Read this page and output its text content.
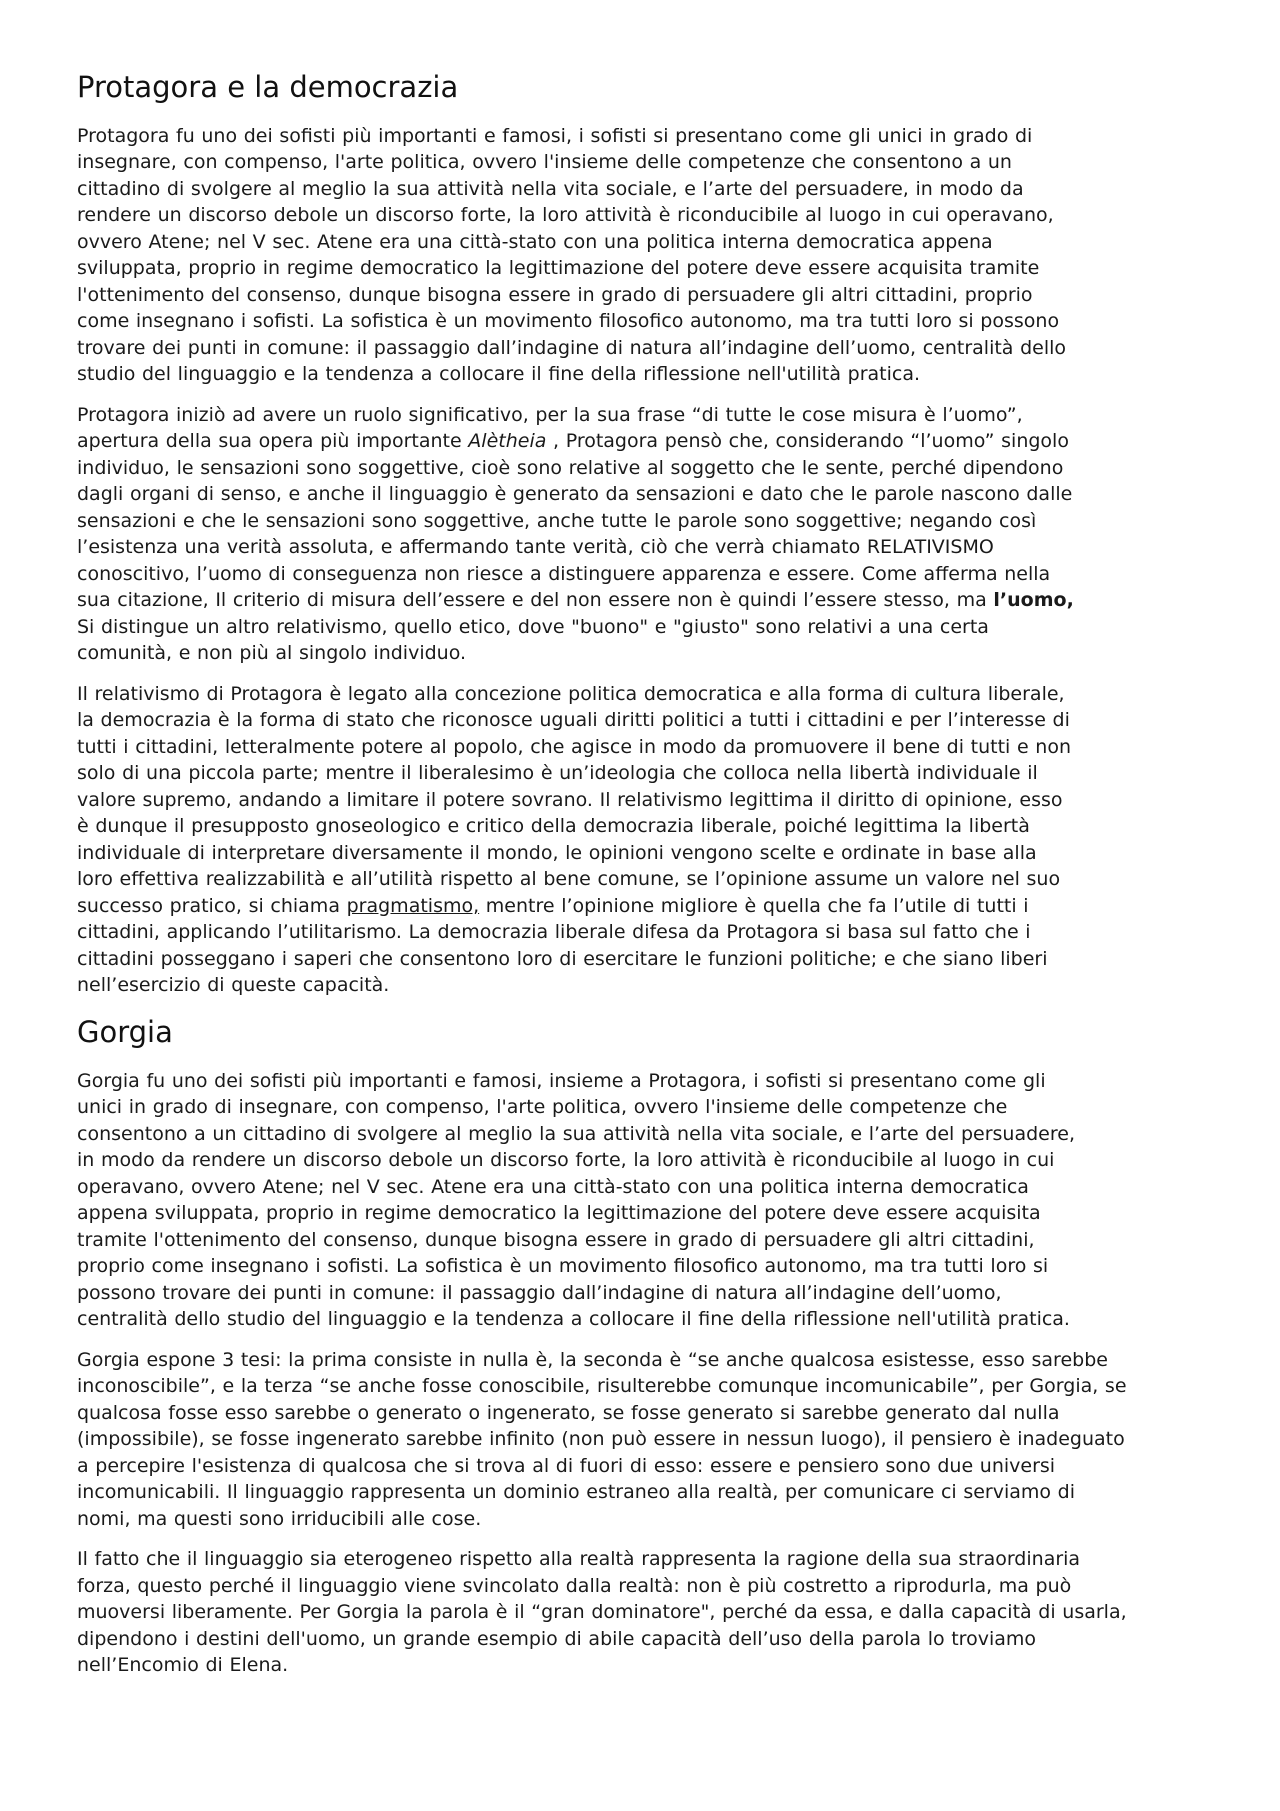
Protagora e la democrazia

Protagora fu uno dei sofisti più importanti e famosi, i sofisti si presentano come gli unici in grado di
insegnare, con compenso, l'arte politica, ovvero l'insieme delle competenze che consentono a un
cittadino di svolgere al meglio la sua attività nella vita sociale, e l’arte del persuadere, in modo da
rendere un discorso debole un discorso forte, la loro attività è riconducibile al luogo in cui operavano,
ovvero Atene; nel V sec. Atene era una città-stato con una politica interna democratica appena
sviluppata, proprio in regime democratico la legittimazione del potere deve essere acquisita tramite
l'ottenimento del consenso, dunque bisogna essere in grado di persuadere gli altri cittadini, proprio
come insegnano i sofisti. La sofistica è un movimento filosofico autonomo, ma tra tutti loro si possono
trovare dei punti in comune: il passaggio dall’indagine di natura all’indagine dell’uomo, centralità dello
studio del linguaggio e la tendenza a collocare il fine della riflessione nell'utilità pratica.

Protagora iniziò ad avere un ruolo significativo, per la sua frase “di tutte le cose misura è l’uomo”,
apertura della sua opera più importante Alètheia , Protagora pensò che, considerando “l’uomo” singolo
individuo, le sensazioni sono soggettive, cioè sono relative al soggetto che le sente, perché dipendono
dagli organi di senso, e anche il linguaggio è generato da sensazioni e dato che le parole nascono dalle
sensazioni e che le sensazioni sono soggettive, anche tutte le parole sono soggettive; negando così
l’esistenza una verità assoluta, e affermando tante verità, ciò che verrà chiamato RELATIVISMO
conoscitivo, l’uomo di conseguenza non riesce a distinguere apparenza e essere. Come afferma nella
sua citazione, Il criterio di misura dell’essere e del non essere non è quindi l’essere stesso, ma l’uomo,
Si distingue un altro relativismo, quello etico, dove "buono" e "giusto" sono relativi a una certa
comunità, e non più al singolo individuo.

Il relativismo di Protagora è legato alla concezione politica democratica e alla forma di cultura liberale,
la democrazia è la forma di stato che riconosce uguali diritti politici a tutti i cittadini e per l’interesse di
tutti i cittadini, letteralmente potere al popolo, che agisce in modo da promuovere il bene di tutti e non
solo di una piccola parte; mentre il liberalesimo è un’ideologia che colloca nella libertà individuale il
valore supremo, andando a limitare il potere sovrano. Il relativismo legittima il diritto di opinione, esso
è dunque il presupposto gnoseologico e critico della democrazia liberale, poiché legittima la libertà
individuale di interpretare diversamente il mondo, le opinioni vengono scelte e ordinate in base alla
loro effettiva realizzabilità e all’utilità rispetto al bene comune, se l’opinione assume un valore nel suo
successo pratico, si chiama pragmatismo, mentre l’opinione migliore è quella che fa l’utile di tutti i
cittadini, applicando l’utilitarismo. La democrazia liberale difesa da Protagora si basa sul fatto che i
cittadini posseggano i saperi che consentono loro di esercitare le funzioni politiche; e che siano liberi
nell’esercizio di queste capacità.

Gorgia

Gorgia fu uno dei sofisti più importanti e famosi, insieme a Protagora, i sofisti si presentano come gli
unici in grado di insegnare, con compenso, l'arte politica, ovvero l'insieme delle competenze che
consentono a un cittadino di svolgere al meglio la sua attività nella vita sociale, e l’arte del persuadere,
in modo da rendere un discorso debole un discorso forte, la loro attività è riconducibile al luogo in cui
operavano, ovvero Atene; nel V sec. Atene era una città-stato con una politica interna democratica
appena sviluppata, proprio in regime democratico la legittimazione del potere deve essere acquisita
tramite l'ottenimento del consenso, dunque bisogna essere in grado di persuadere gli altri cittadini,
proprio come insegnano i sofisti. La sofistica è un movimento filosofico autonomo, ma tra tutti loro si
possono trovare dei punti in comune: il passaggio dall’indagine di natura all’indagine dell’uomo,
centralità dello studio del linguaggio e la tendenza a collocare il fine della riflessione nell'utilità pratica.

Gorgia espone 3 tesi: la prima consiste in nulla è, la seconda è “se anche qualcosa esistesse, esso sarebbe
inconoscibile”, e la terza “se anche fosse conoscibile, risulterebbe comunque incomunicabile”, per Gorgia, se
qualcosa fosse esso sarebbe o generato o ingenerato, se fosse generato si sarebbe generato dal nulla
(impossibile), se fosse ingenerato sarebbe infinito (non può essere in nessun luogo), il pensiero è inadeguato
a percepire l'esistenza di qualcosa che si trova al di fuori di esso: essere e pensiero sono due universi
incomunicabili. Il linguaggio rappresenta un dominio estraneo alla realtà, per comunicare ci serviamo di
nomi, ma questi sono irriducibili alle cose.

Il fatto che il linguaggio sia eterogeneo rispetto alla realtà rappresenta la ragione della sua straordinaria
forza, questo perché il linguaggio viene svincolato dalla realtà: non è più costretto a riprodurla, ma può
muoversi liberamente. Per Gorgia la parola è il “gran dominatore", perché da essa, e dalla capacità di usarla,
dipendono i destini dell'uomo, un grande esempio di abile capacità dell’uso della parola lo troviamo
nell’Encomio di Elena.
